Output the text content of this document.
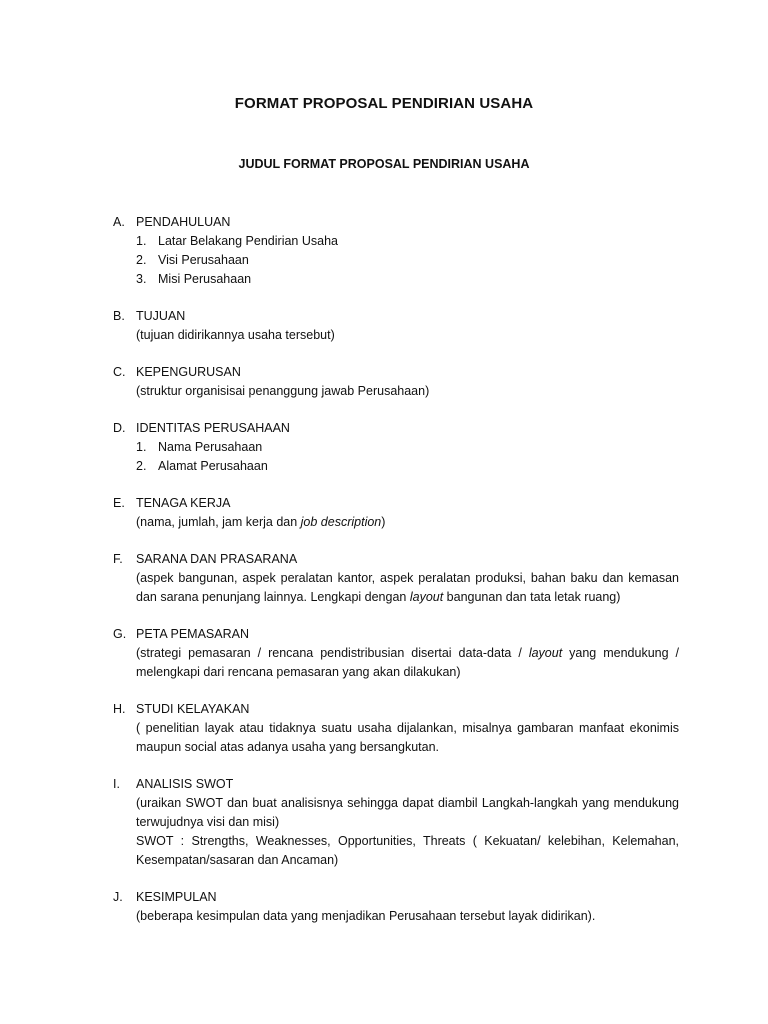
FORMAT PROPOSAL PENDIRIAN USAHA
JUDUL FORMAT PROPOSAL PENDIRIAN USAHA
A. PENDAHULUAN
1. Latar Belakang Pendirian Usaha
2. Visi Perusahaan
3. Misi Perusahaan
B. TUJUAN
(tujuan didirikannya usaha tersebut)
C. KEPENGURUSAN
(struktur organisisai penanggung jawab Perusahaan)
D. IDENTITAS PERUSAHAAN
1. Nama Perusahaan
2. Alamat Perusahaan
E. TENAGA KERJA
(nama, jumlah, jam kerja dan job description)
F.	SARANA DAN PRASARANA
(aspek bangunan, aspek peralatan kantor, aspek peralatan produksi, bahan baku dan kemasan dan sarana penunjang lainnya. Lengkapi dengan layout bangunan dan tata letak ruang)
G. PETA PEMASARAN
(strategi pemasaran / rencana pendistribusian disertai data-data / layout yang mendukung / melengkapi dari rencana pemasaran yang akan dilakukan)
H. STUDI KELAYAKAN
( penelitian layak atau tidaknya suatu usaha dijalankan, misalnya gambaran manfaat ekonimis maupun social atas adanya usaha yang bersangkutan.
I.	ANALISIS SWOT
(uraikan SWOT dan buat analisisnya sehingga dapat diambil Langkah-langkah yang mendukung terwujudnya visi dan misi)
SWOT : Strengths, Weaknesses, Opportunities, Threats ( Kekuatan/ kelebihan, Kelemahan, Kesempatan/sasaran dan Ancaman)
J.	KESIMPULAN
(beberapa kesimpulan data yang menjadikan Perusahaan tersebut layak didirikan).
